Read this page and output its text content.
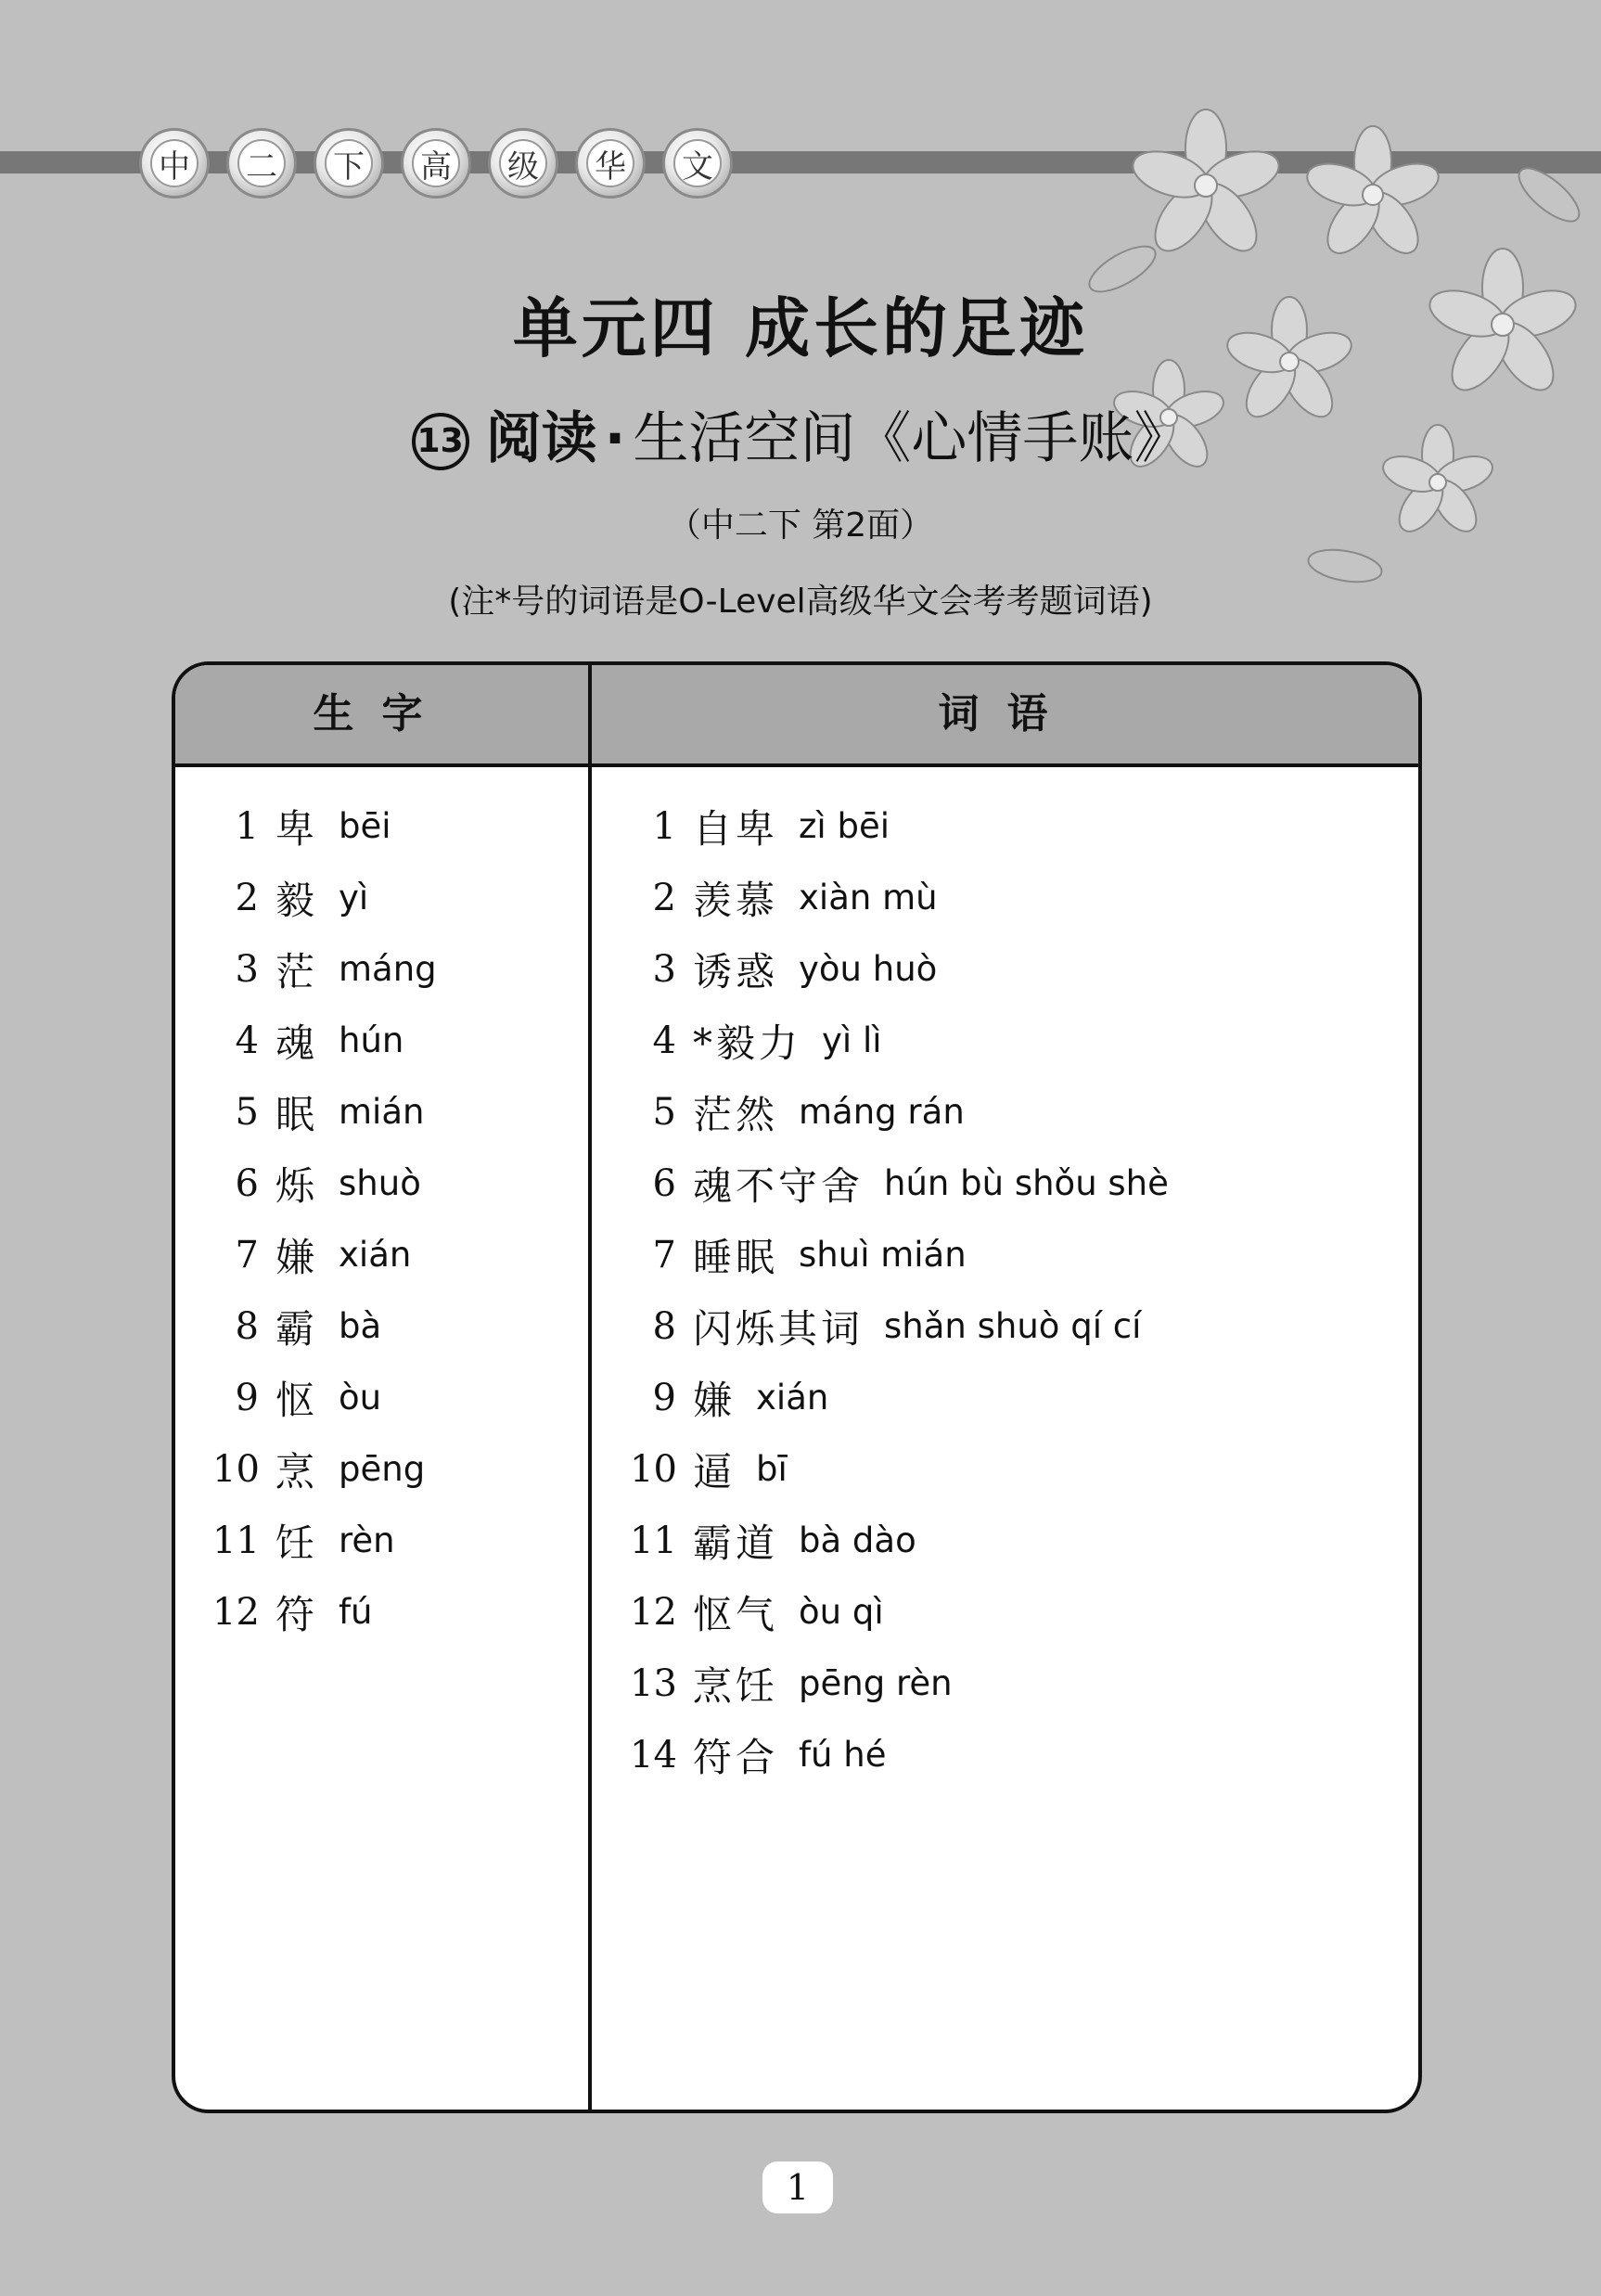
中 二 下 高 级 华 文
单元四 成长的足迹
13 阅读 · 生活空间《心情手账》
（中二下 第2面）
(注*号的词语是O-Level高级华文会考考题词语)
生字	词语
1 卑 bēi
2 毅 yì
3 茫 máng
4 魂 hún
5 眠 mián
6 烁 shuò
7 嫌 xián
8 霸 bà
9 怄 òu
10 烹 pēng
11 饪 rèn
12 符 fú
1 自卑 zì bēi
2 羡慕 xiàn mù
3 诱惑 yòu huò
4 *毅力 yì lì
5 茫然 máng rán
6 魂不守舍 hún bù shǒu shè
7 睡眠 shuì mián
8 闪烁其词 shǎn shuò qí cí
9 嫌 xián
10 逼 bī
11 霸道 bà dào
12 怄气 òu qì
13 烹饪 pēng rèn
14 符合 fú hé
1
